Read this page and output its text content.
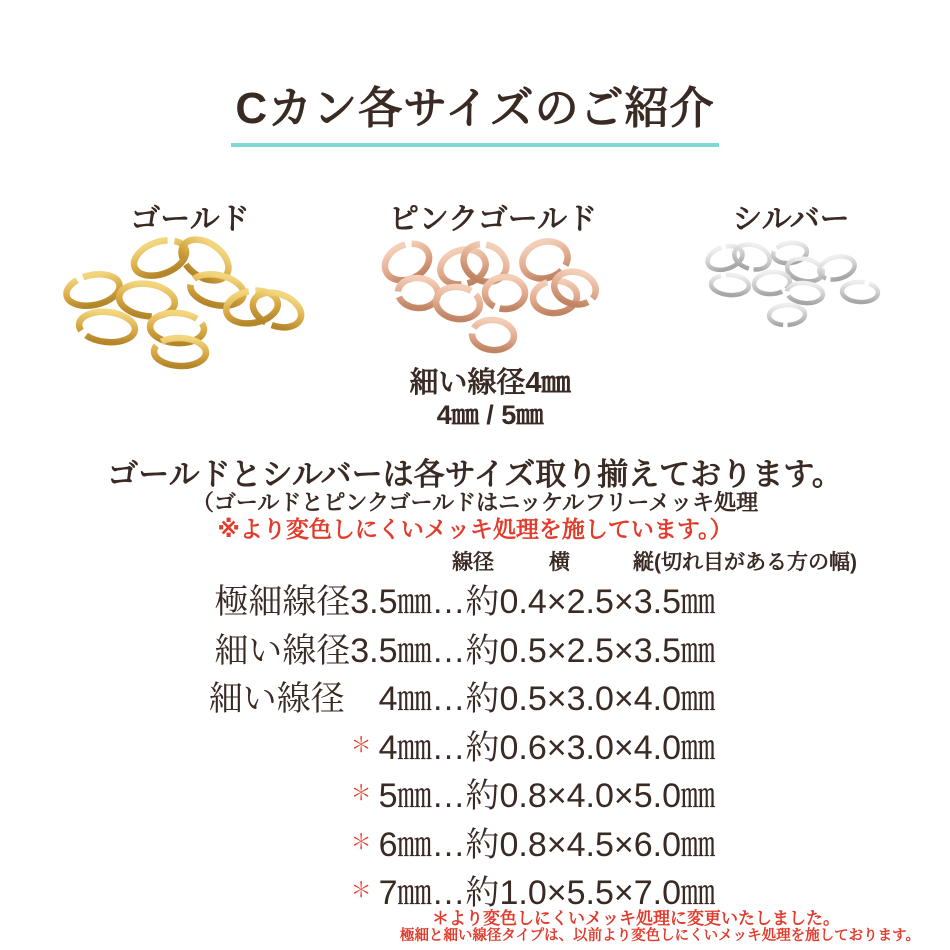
Cカン各サイズのご紹介
ゴールド	ピンクゴールド	シルバー
細い線径4㎜
4㎜ / 5㎜
ゴールドとシルバーは各サイズ取り揃えております。
（ゴールドとピンクゴールドはニッケルフリーメッキ処理
※より変色しにくいメッキ処理を施しています。）
線径	横	縦(切れ目がある方の幅)
極細線径3.5㎜…約0.4×2.5×3.5㎜
細い線径3.5㎜…約0.5×2.5×3.5㎜
細い線径　4㎜…約0.5×3.0×4.0㎜
＊ 4㎜…約0.6×3.0×4.0㎜
＊ 5㎜…約0.8×4.0×5.0㎜
＊ 6㎜…約0.8×4.5×6.0㎜
＊ 7㎜…約1.0×5.5×7.0㎜
＊より変色しにくいメッキ処理に変更いたしました。
極細と細い線径タイプは、以前より変色しにくいメッキ処理を施しております。
